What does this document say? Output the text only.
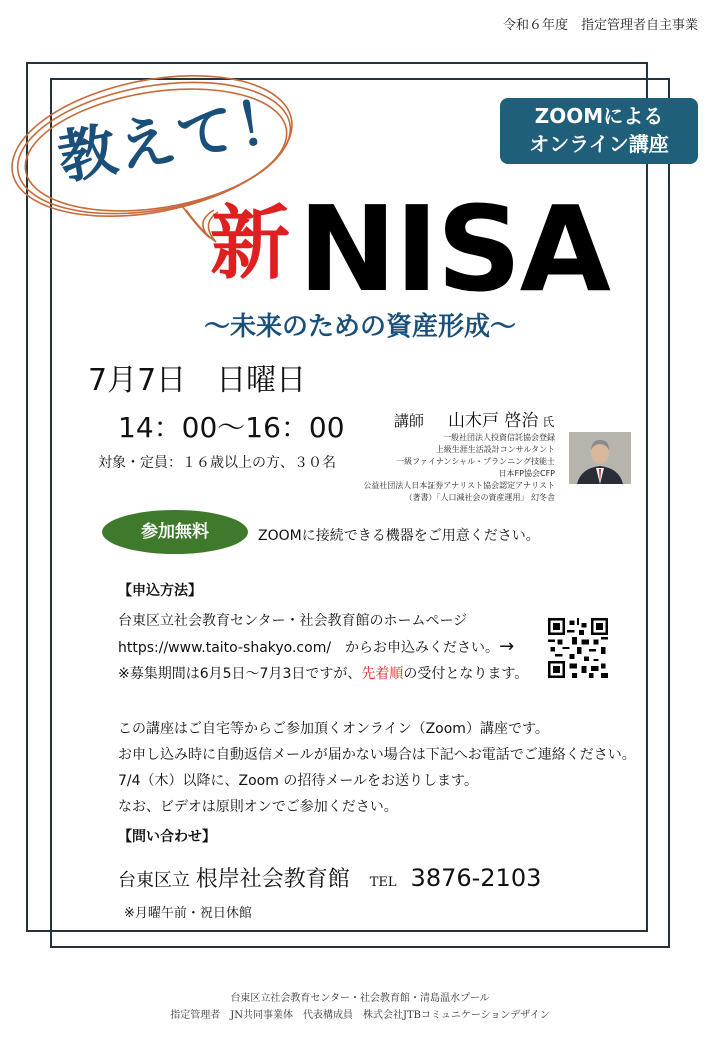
令和６年度　指定管理者自主事業
教えて！	ZOOMによる
オンライン講座
新 NISA
〜未来のための資産形成〜
7月7日 日曜日
14：00〜16：00
対象・定員：１６歳以上の方、３０名
講師 山木戸 啓治 氏
一般社団法人投資信託協会登録
上級生涯生活設計コンサルタント
一級ファイナンシャル・プランニング技能士
日本FP協会CFP
公益社団法人日本証券アナリスト協会認定アナリスト
（著書）「人口減社会の資産運用」 幻冬舎
参加無料	ZOOMに接続できる機器をご用意ください。
【申込方法】
台東区立社会教育センター・社会教育館のホームページ
https://www.taito-shakyo.com/　 からお申込みください。→
※募集期間は6月5日〜7月3日ですが、先着順の受付となります。
この講座はご自宅等からご参加頂くオンライン（Zoom）講座です。
お申し込み時に自動返信メールが届かない場合は下記へお電話でご連絡ください。
7/4（木）以降に、Zoom の招待メールをお送りします。
なお、ビデオは原則オンでご参加ください。
【問い合わせ】
台東区立 根岸社会教育館 TEL 3876-2103
※月曜午前・祝日休館
台東区立社会教育センター・社会教育館・清島温水プール
指定管理者　JN共同事業体　代表構成員　株式会社JTBコミュニケーションデザイン
